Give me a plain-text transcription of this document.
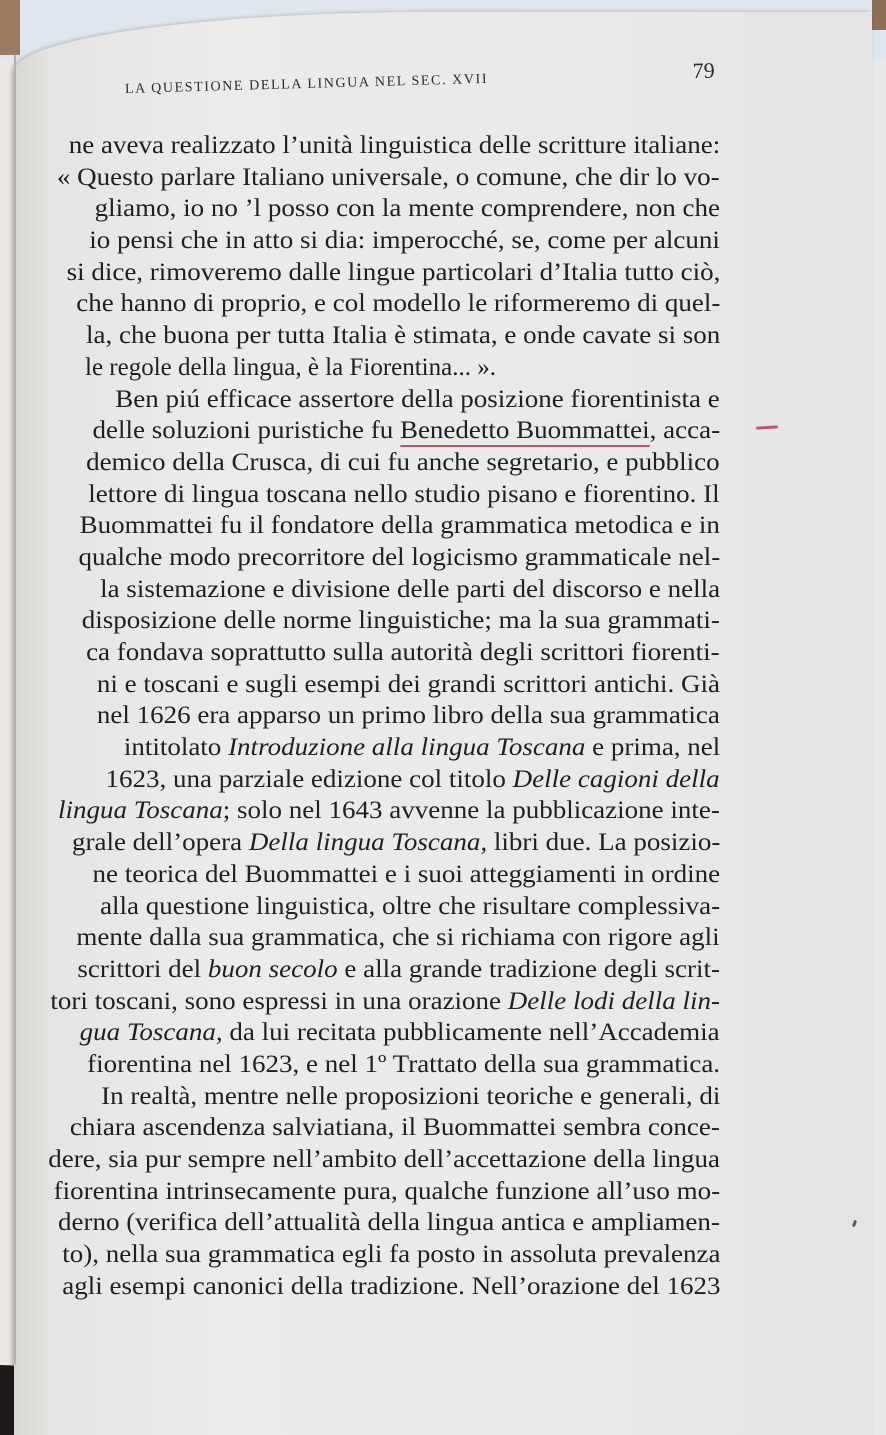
LA QUESTIONE DELLA LINGUA NEL SEC. XVII
79
ne aveva realizzato l’unità linguistica delle scritture italiane:
« Questo parlare Italiano universale, o comune, che dir lo vo-
gliamo, io no ’l posso con la mente comprendere, non che
io pensi che in atto si dia: imperocché, se, come per alcuni
si dice, rimoveremo dalle lingue particolari d’Italia tutto ciò,
che hanno di proprio, e col modello le riformeremo di quel-
la, che buona per tutta Italia è stimata, e onde cavate si son
le regole della lingua, è la Fiorentina... ».
Ben piú efficace assertore della posizione fiorentinista e
delle soluzioni puristiche fu Benedetto Buommattei, acca-
demico della Crusca, di cui fu anche segretario, e pubblico
lettore di lingua toscana nello studio pisano e fiorentino. Il
Buommattei fu il fondatore della grammatica metodica e in
qualche modo precorritore del logicismo grammaticale nel-
la sistemazione e divisione delle parti del discorso e nella
disposizione delle norme linguistiche; ma la sua grammati-
ca fondava soprattutto sulla autorità degli scrittori fiorenti-
ni e toscani e sugli esempi dei grandi scrittori antichi. Già
nel 1626 era apparso un primo libro della sua grammatica
intitolato Introduzione alla lingua Toscana e prima, nel
1623, una parziale edizione col titolo Delle cagioni della
lingua Toscana; solo nel 1643 avvenne la pubblicazione inte-
grale dell’opera Della lingua Toscana, libri due. La posizio-
ne teorica del Buommattei e i suoi atteggiamenti in ordine
alla questione linguistica, oltre che risultare complessiva-
mente dalla sua grammatica, che si richiama con rigore agli
scrittori del buon secolo e alla grande tradizione degli scrit-
tori toscani, sono espressi in una orazione Delle lodi della lin-
gua Toscana, da lui recitata pubblicamente nell’Accademia
fiorentina nel 1623, e nel 1º Trattato della sua grammatica.
In realtà, mentre nelle proposizioni teoriche e generali, di
chiara ascendenza salviatiana, il Buommattei sembra conce-
dere, sia pur sempre nell’ambito dell’accettazione della lingua
fiorentina intrinsecamente pura, qualche funzione all’uso mo-
derno (verifica dell’attualità della lingua antica e ampliamen-
to), nella sua grammatica egli fa posto in assoluta prevalenza
agli esempi canonici della tradizione. Nell’orazione del 1623
